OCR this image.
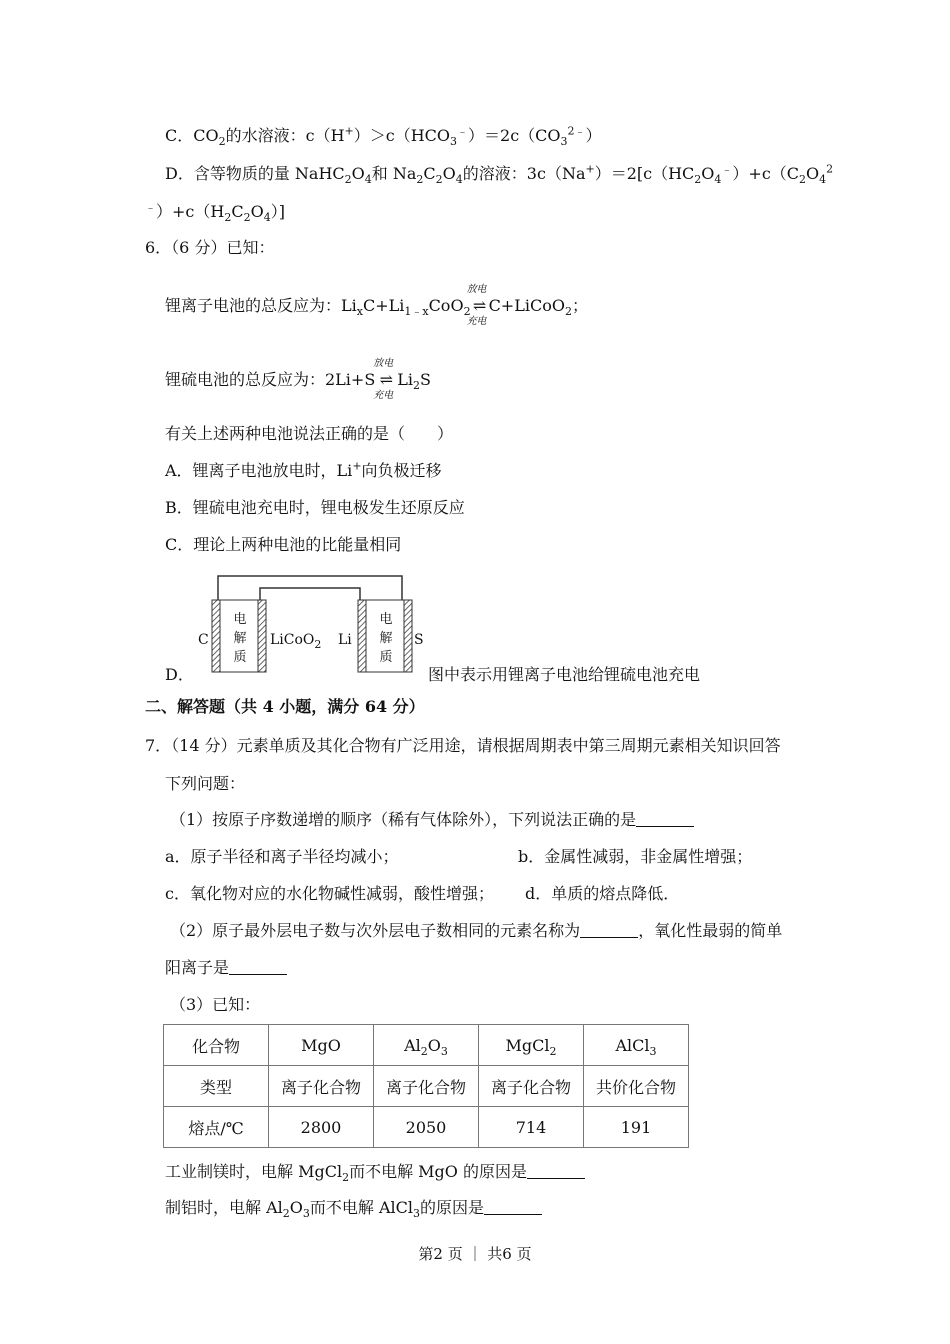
C．$CO_2$的水溶液：$c(H^+)>c(HCO_3^﹣)=2c(CO_3^{2﹣})$
D．含等物质的量 $NaHC_2O_4$和 $Na_2C_2O_4$的溶液：$3c(Na^+)=2[c(HC_2O_4^﹣)+c(C_2O_4^2$
$^﹣)+c(H_2C_2O_4)$]
6．（6 分）已知：
锂离子电池的总反应为：$Li_xC+Li_{1﹣x}CoO_2$ ⇌
放电
充电
C+LiCoO$_2$；
锂硫电池的总反应为：2Li+S ⇌
放电
充电
$Li_2S$
有关上述两种电池说法正确的是（　　）
A．锂离子电池放电时，Li+向负极迁移
B．锂硫电池充电时，锂电极发生还原反应
C．理论上两种电池的比能量相同
C	LiCoO$_2$ Li	S
电
解
质
电
解
质
D．	图中表示用锂离子电池给锂硫电池充电
二、解答题（共 4 小题，满分 64 分）
7．（14 分）元素单质及其化合物有广泛用途，请根据周期表中第三周期元素相关知识回答
下列问题：
（1）按原子序数递增的顺序（稀有气体除外），下列说法正确的是
a．原子半径和离子半径均减小；	b．金属性减弱，非金属性增强；
c．氧化物对应的水化物碱性减弱，酸性增强； d．单质的熔点降低．
（2）原子最外层电子数与次外层电子数相同的元素名称为	，氧化性最弱的简单
阳离子是
（3）已知：
化合物	MgO	$Al_2O_3$	MgCl$_2$	AlCl$_3$
类型	离子化合物	离子化合物	离子化合物	共价化合物
熔点/℃	2800	2050	714	191
工业制镁时，电解 MgCl$_2$而不电解 MgO 的原因是
制铝时，电解 $Al_2O_3$而不电解 AlCl$_3$的原因是
第2 页 ｜ 共6 页
